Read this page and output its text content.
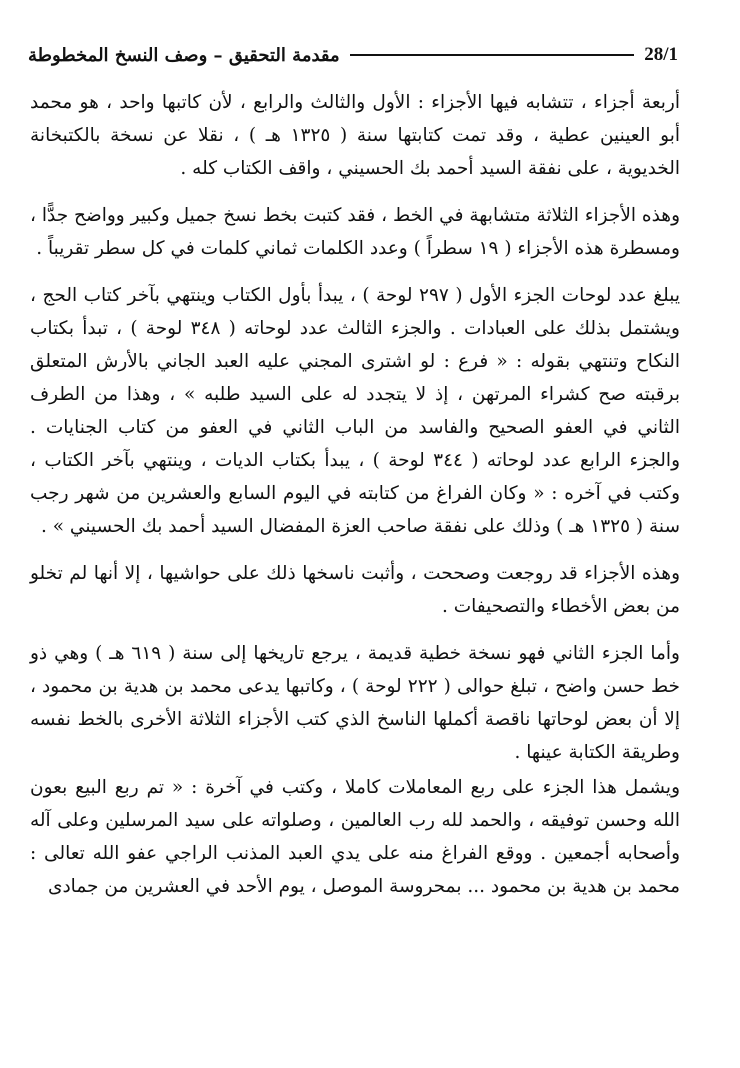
مقدمة التحقيق – وصف النسخ المخطوطة	28/1

أربعة أجزاء ، تتشابه فيها الأجزاء : الأول والثالث والرابع ، لأن كاتبها واحد ، هو محمد أبو العينين عطية ، وقد تمت كتابتها سنة ( ١٣٢٥ هـ ) ، نقلا عن نسخة بالكتبخانة الخديوية ، على نفقة السيد أحمد بك الحسيني ، واقف الكتاب كله .

وهذه الأجزاء الثلاثة متشابهة في الخط ، فقد كتبت بخط نسخ جميل وكبير وواضح جدًّا ، ومسطرة هذه الأجزاء ( ١٩ سطراً ) وعدد الكلمات ثماني كلمات في كل سطر تقريباً .

يبلغ عدد لوحات الجزء الأول ( ٢٩٧ لوحة ) ، يبدأ بأول الكتاب وينتهي بآخر كتاب الحج ، ويشتمل بذلك على العبادات . والجزء الثالث عدد لوحاته ( ٣٤٨ لوحة ) ، تبدأ بكتاب النكاح وتنتهي بقوله : « فرع : لو اشترى المجني عليه العبد الجاني بالأرش المتعلق برقبته صح كشراء المرتهن ، إذ لا يتجدد له على السيد طلبه » ، وهذا من الطرف الثاني في العفو الصحيح والفاسد من الباب الثاني في العفو من كتاب الجنايات . والجزء الرابع عدد لوحاته ( ٣٤٤ لوحة ) ، يبدأ بكتاب الديات ، وينتهي بآخر الكتاب ، وكتب في آخره : « وكان الفراغ من كتابته في اليوم السابع والعشرين من شهر رجب سنة ( ١٣٢٥ هـ ) وذلك على نفقة صاحب العزة المفضال السيد أحمد بك الحسيني » .

وهذه الأجزاء قد روجعت وصححت ، وأثبت ناسخها ذلك على حواشيها ، إلا أنها لم تخلو من بعض الأخطاء والتصحيفات .

وأما الجزء الثاني فهو نسخة خطية قديمة ، يرجع تاريخها إلى سنة ( ٦١٩ هـ ) وهي ذو خط حسن واضح ، تبلغ حوالى ( ٢٢٢ لوحة ) ، وكاتبها يدعى محمد بن هدية بن محمود ، إلا أن بعض لوحاتها ناقصة أكملها الناسخ الذي كتب الأجزاء الثلاثة الأخرى بالخط نفسه وطريقة الكتابة عينها .

ويشمل هذا الجزء على ربع المعاملات كاملا ، وكتب في آخرة : « تم ربع البيع بعون الله وحسن توفيقه ، والحمد لله رب العالمين ، وصلواته على سيد المرسلين وعلى آله وأصحابه أجمعين . ووقع الفراغ منه على يدي العبد المذنب الراجي عفو الله تعالى : محمد بن هدية بن محمود ... بمحروسة الموصل ، يوم الأحد في العشرين من جمادى
